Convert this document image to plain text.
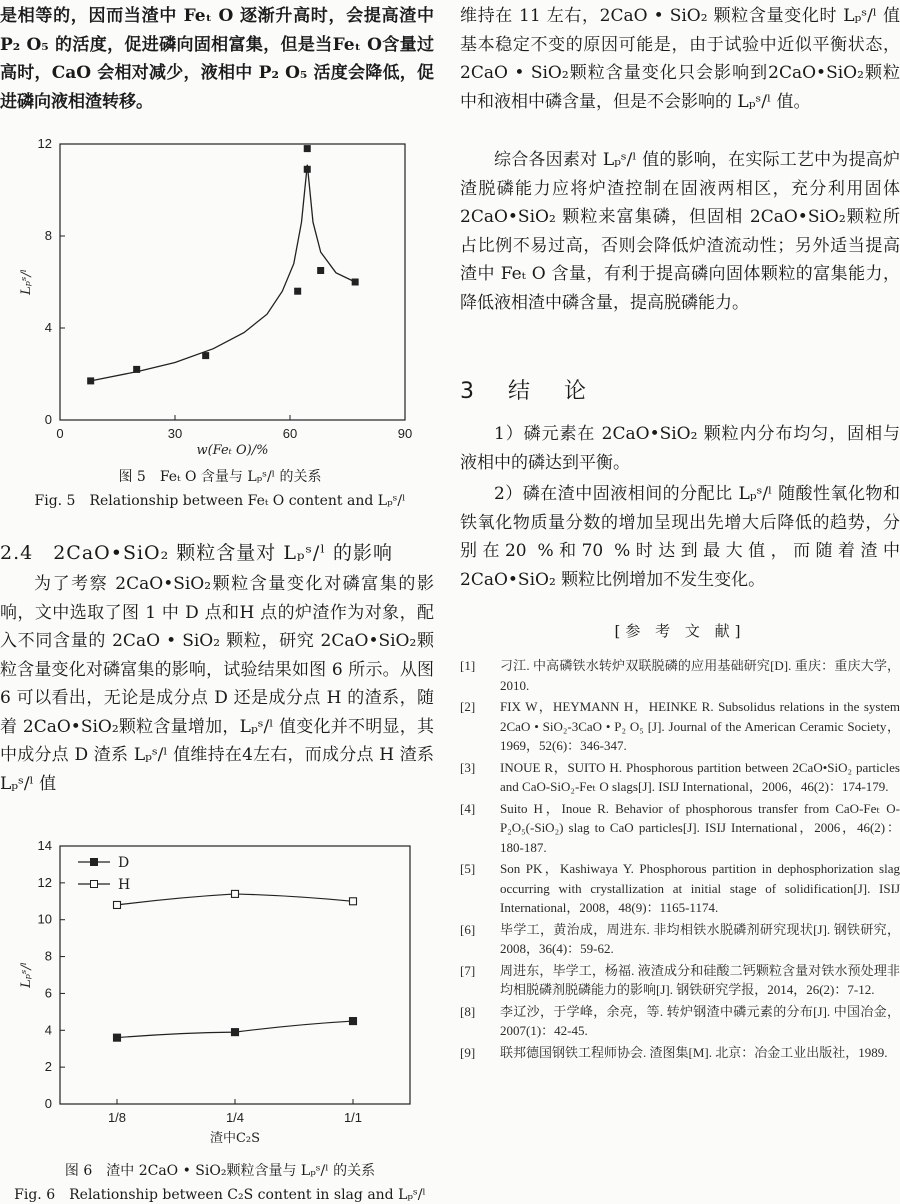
是相等的，因而当渣中 Feₜ O 逐渐升高时，会提高渣中 P₂ O₅ 的活度，促进磷向固相富集，但是当Feₜ O含量过高时，CaO 会相对减少，液相中 P₂ O₅ 活度会降低，促进磷向液相渣转移。

0	30	60	90
0
4
8
12
w(Feₜ O)/%
Lₚˢ/ˡ
图 5　Feₜ O 含量与 Lₚˢ/ˡ 的关系
Fig. 5　Relationship between Feₜ O content and Lₚˢ/ˡ
2.4　2CaO•SiO₂ 颗粒含量对 Lₚˢ/ˡ 的影响

为了考察 2CaO•SiO₂颗粒含量变化对磷富集的影响，文中选取了图 1 中 D 点和H 点的炉渣作为对象，配入不同含量的 2CaO • SiO₂ 颗粒，研究 2CaO•SiO₂颗粒含量变化对磷富集的影响，试验结果如图 6 所示。从图 6 可以看出，无论是成分点 D 还是成分点 H 的渣系，随着 2CaO•SiO₂颗粒含量增加，Lₚˢ/ˡ 值变化并不明显，其中成分点 D 渣系 Lₚˢ/ˡ 值维持在4左右，而成分点 H 渣系 Lₚˢ/ˡ 值

1/8	1/4	1/1
0
2
4
6
8
10
12
14
渣中C₂S
Lₚˢ/ˡ
D
H
图 6　渣中 2CaO • SiO₂颗粒含量与 Lₚˢ/ˡ 的关系
Fig. 6　Relationship between C₂S content in slag and Lₚˢ/ˡ

维持在 11 左右，2CaO • SiO₂ 颗粒含量变化时 Lₚˢ/ˡ 值基本稳定不变的原因可能是，由于试验中近似平衡状态，2CaO • SiO₂颗粒含量变化只会影响到2CaO•SiO₂颗粒中和液相中磷含量，但是不会影响的 Lₚˢ/ˡ 值。

综合各因素对 Lₚˢ/ˡ 值的影响，在实际工艺中为提高炉渣脱磷能力应将炉渣控制在固液两相区，充分利用固体 2CaO•SiO₂ 颗粒来富集磷，但固相 2CaO•SiO₂颗粒所占比例不易过高，否则会降低炉渣流动性；另外适当提高渣中 Feₜ O 含量，有利于提高磷向固体颗粒的富集能力，降低液相渣中磷含量，提高脱磷能力。

3　结　论

1）磷元素在 2CaO•SiO₂ 颗粒内分布均匀，固相与液相中的磷达到平衡。

2）磷在渣中固液相间的分配比 Lₚˢ/ˡ 随酸性氧化物和铁氧化物质量分数的增加呈现出先增大后降低的趋势，分别在20 %和70 %时达到最大值，而随着渣中 2CaO•SiO₂ 颗粒比例增加不发生变化。

[参 考 文 献]
[1]	刁江. 中高磷铁水转炉双联脱磷的应用基础研究[D]. 重庆：重庆大学，2010.
[2]	FIX W，HEYMANN H，HEINKE R. Subsolidus relations in the system 2CaO • SiO₂-3CaO • P₂ O₅ [J]. Journal of the American Ceramic Society，1969，52(6)：346-347.
[3]	INOUE R，SUITO H. Phosphorous partition between 2CaO•SiO₂ particles and CaO-SiO₂-Feₜ O slags[J]. ISIJ International，2006，46(2)：174-179.
[4]	Suito H，Inoue R. Behavior of phosphorous transfer from CaO-Feₜ O-P₂O₅(-SiO₂) slag to CaO particles[J]. ISIJ International，2006，46(2)：180-187.
[5]	Son PK，Kashiwaya Y. Phosphorous partition in dephosphorization slag occurring with crystallization at initial stage of solidification[J]. ISIJ International，2008，48(9)：1165-1174.
[6]	毕学工，黄治成，周进东. 非均相铁水脱磷剂研究现状[J]. 钢铁研究，2008，36(4)：59-62.
[7]	周进东，毕学工，杨福. 液渣成分和硅酸二钙颗粒含量对铁水预处理非均相脱磷剂脱磷能力的影响[J]. 钢铁研究学报，2014，26(2)：7-12.
[8]	李辽沙，于学峰，余亮，等. 转炉钢渣中磷元素的分布[J]. 中国冶金，2007(1)：42-45.
[9]	联邦德国钢铁工程师协会. 渣图集[M]. 北京：冶金工业出版社，1989.
